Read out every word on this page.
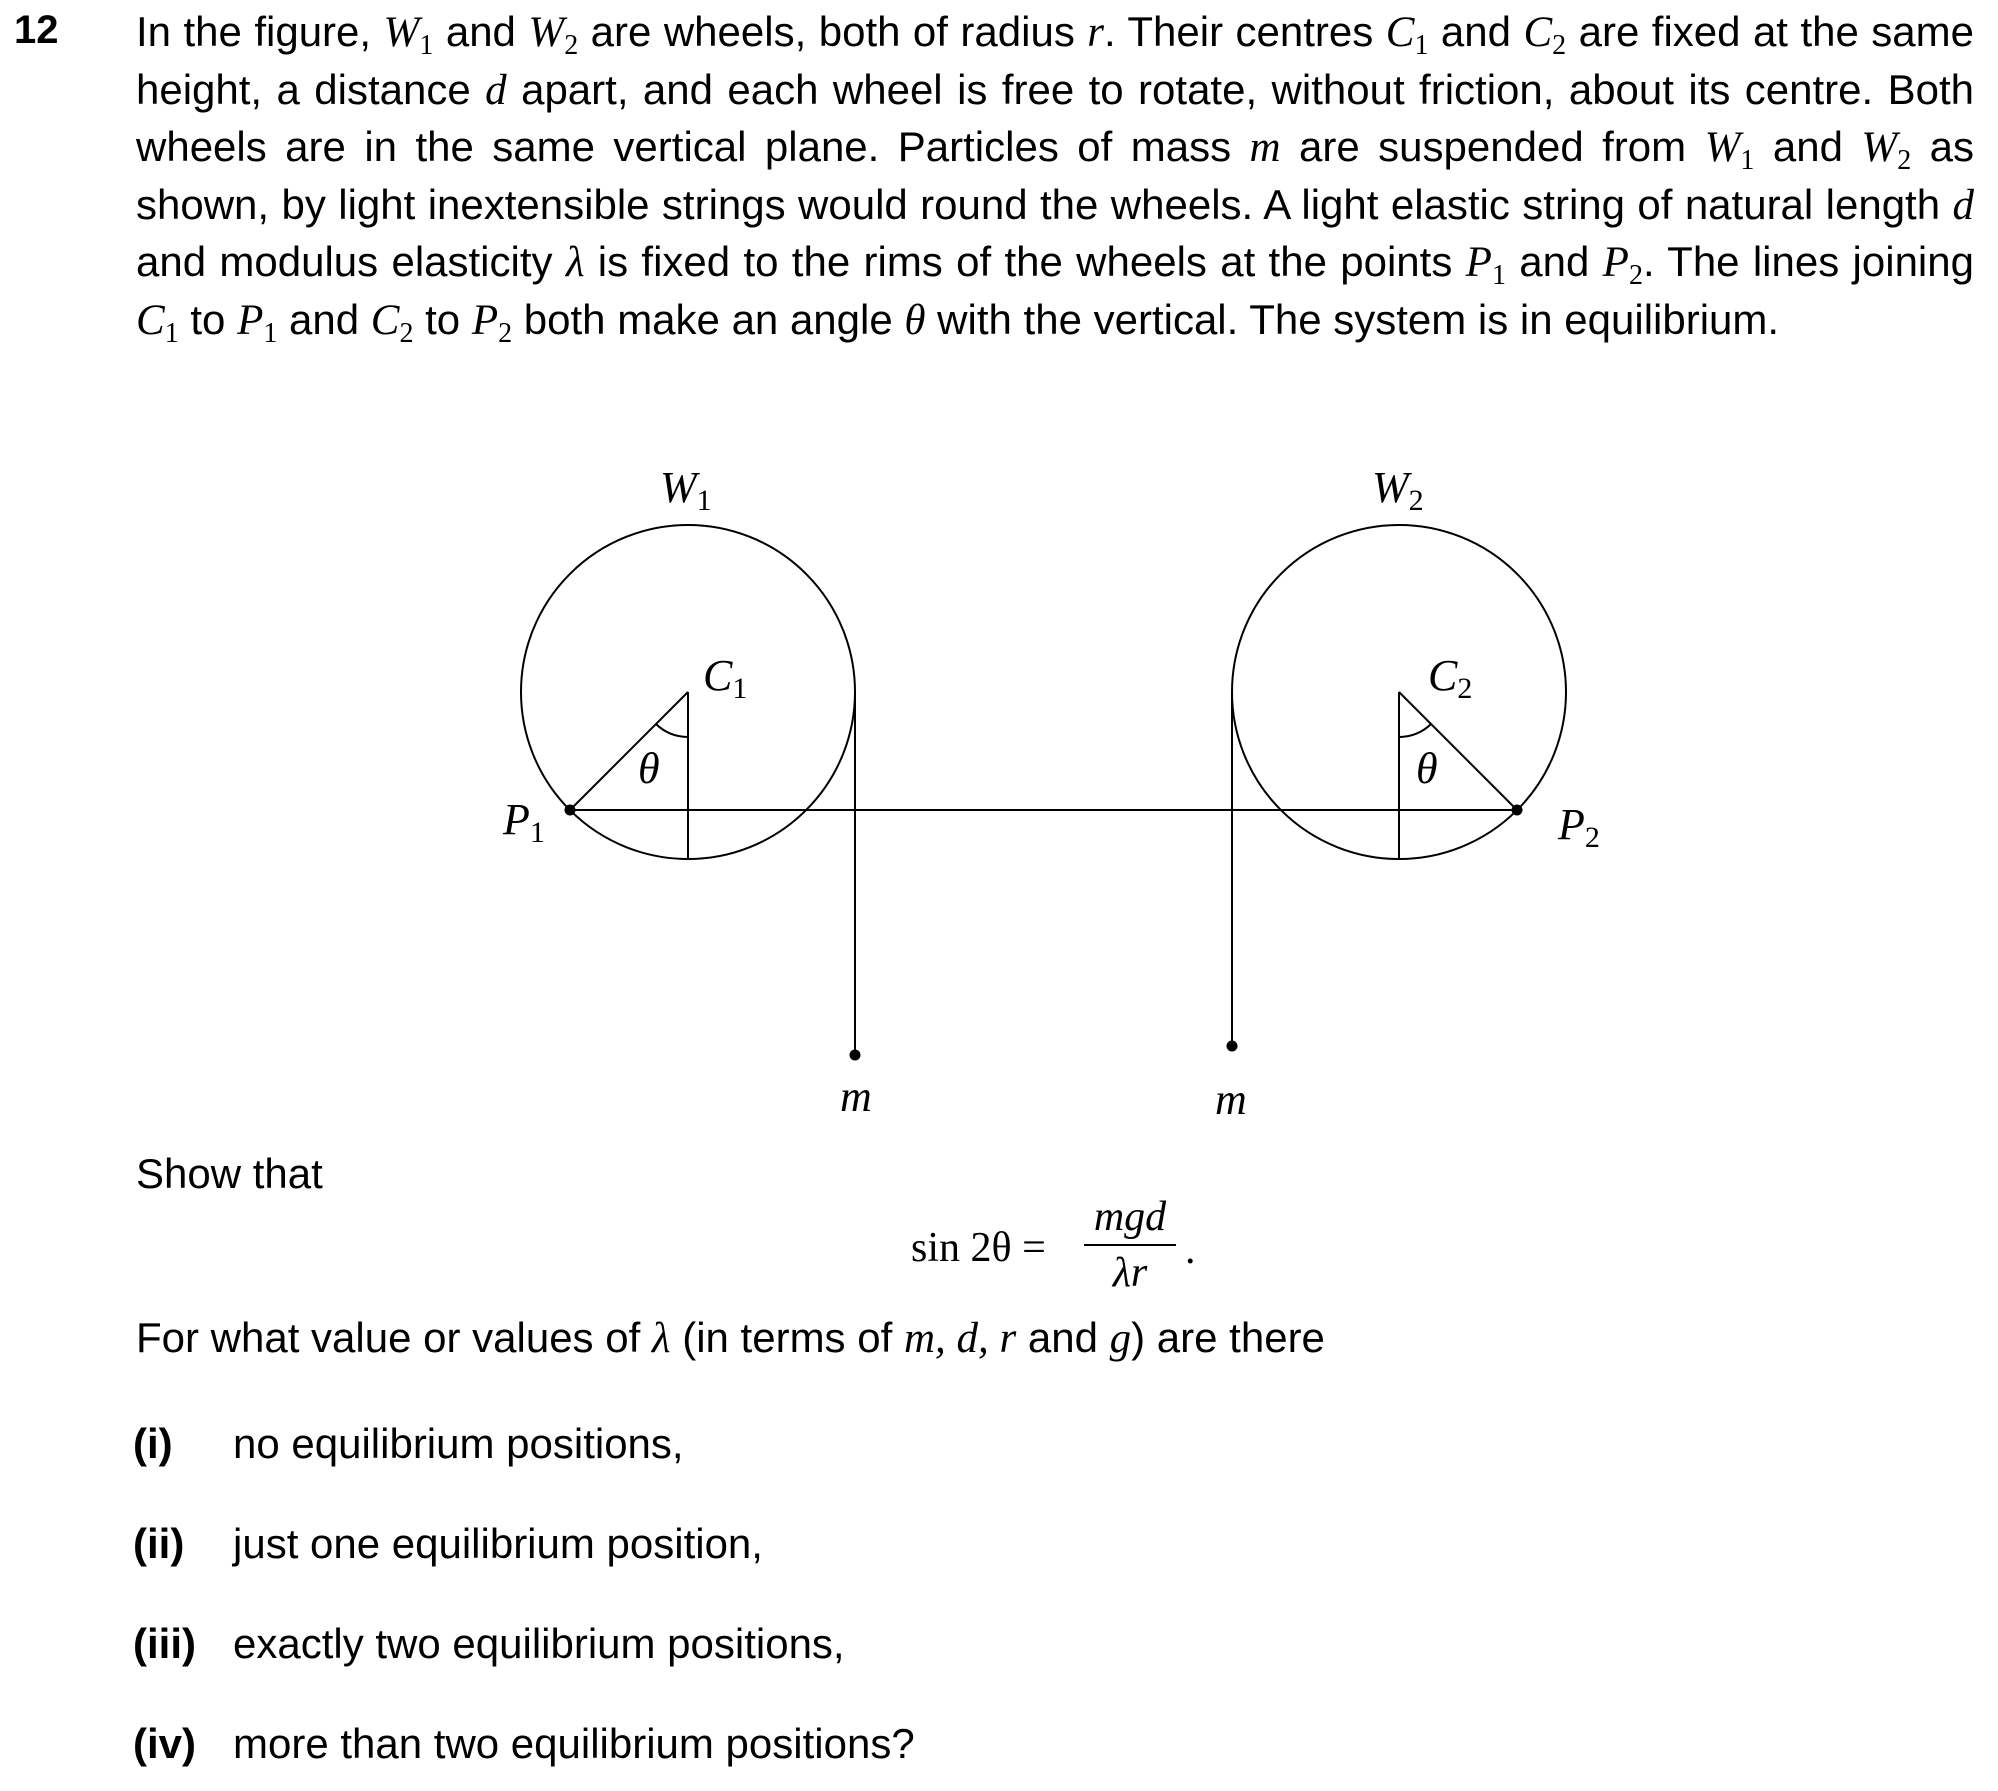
12 In the figure, $W_1$ and $W_2$ are wheels, both of radius r. Their centres $C_1$ and $C_2$ are fixed at the same height, a distance d apart, and each wheel is free to rotate, without friction, about its centre. Both wheels are in the same vertical plane. Particles of mass m are suspended from $W_1$ and $W_2$ as shown, by light inextensible strings would round the wheels. A light elastic string of natural length d and modulus elasticity λ is fixed to the rims of the wheels at the points $P_1$ and $P_2$. The lines joining $C_1$ to $P_1$ and $C_2$ to $P_2$ both make an angle θ with the vertical. The system is in equilibrium.

W1	W2
C1	C2
P1	P2
θ	θ
m	m
Show that
sin 2θ =
mgd
λr .
For what value or values of λ (in terms of m, d, r and g) are there
(i) no equilibrium positions,
(ii) just one equilibrium position,
(iii) exactly two equilibrium positions,
(iv) more than two equilibrium positions?
